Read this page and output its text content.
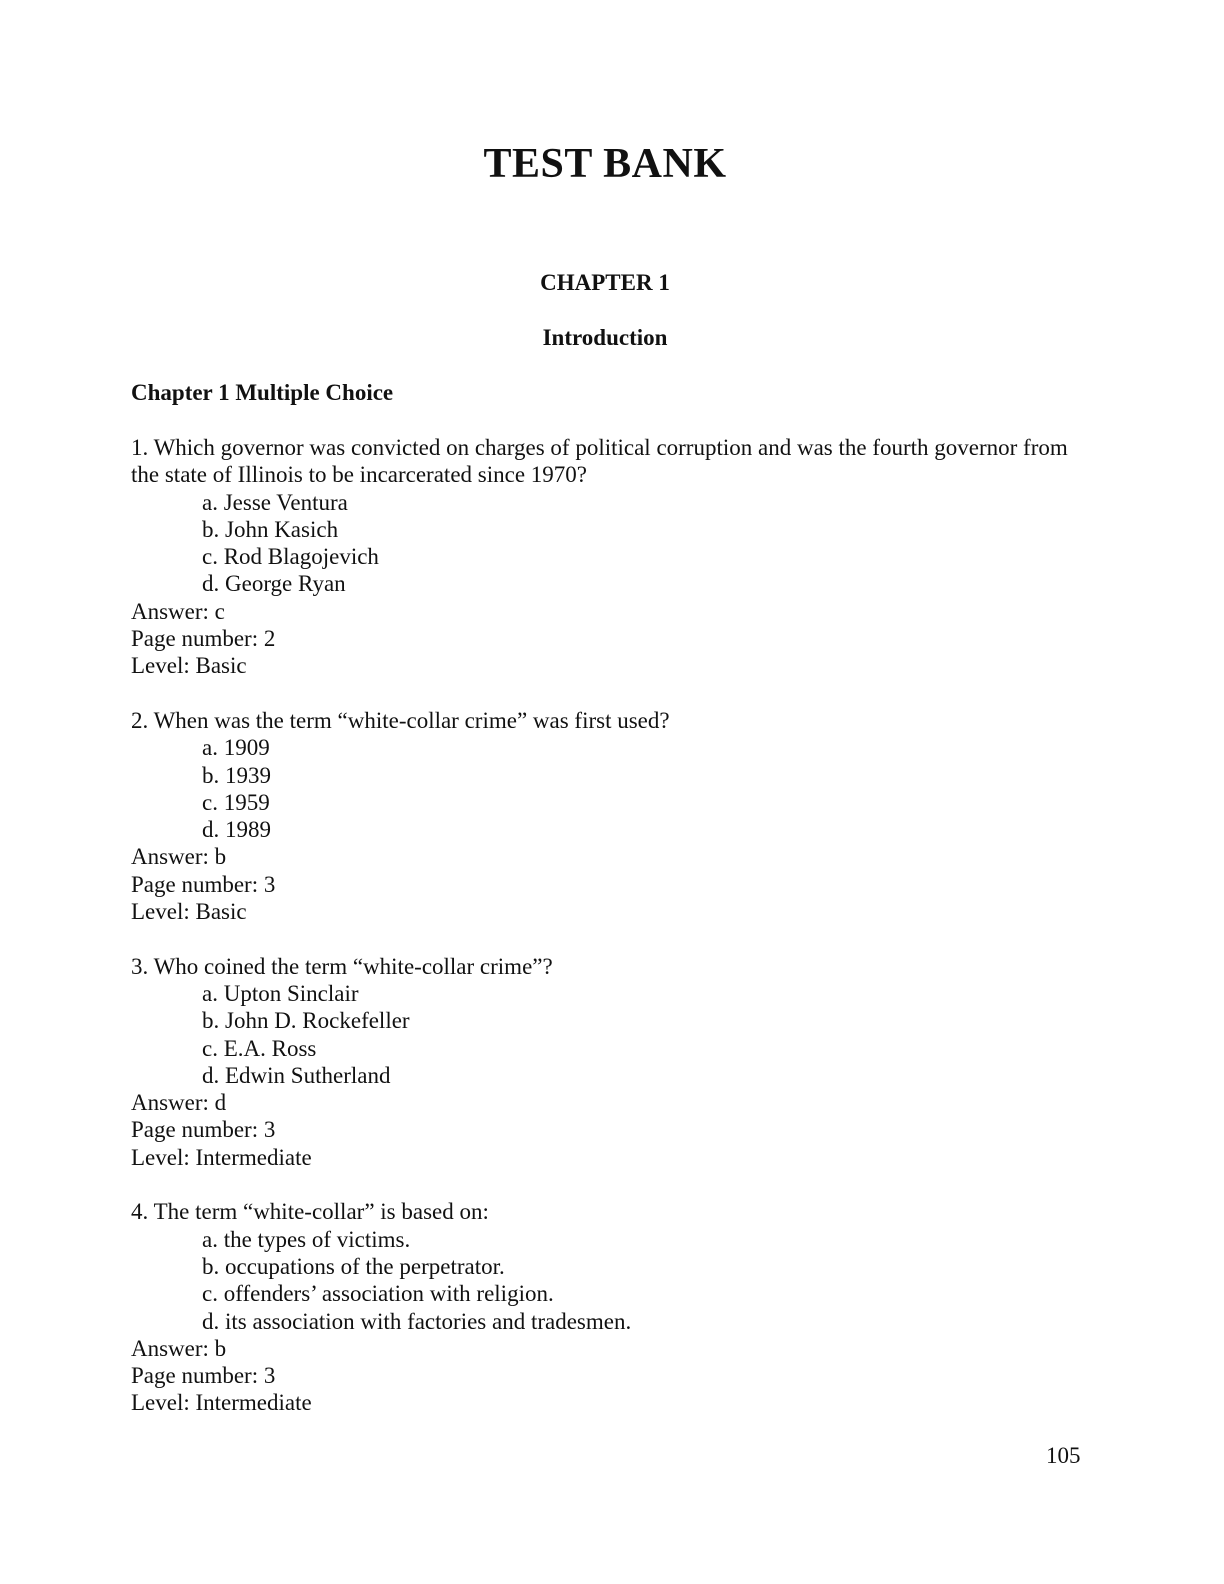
TEST BANK
CHAPTER 1
Introduction
Chapter 1 Multiple Choice
1. Which governor was convicted on charges of political corruption and was the fourth governor from the state of Illinois to be incarcerated since 1970?
a. Jesse Ventura
b. John Kasich
c. Rod Blagojevich
d. George Ryan
Answer: c
Page number: 2
Level: Basic
2. When was the term “white-collar crime” was first used?
a. 1909
b. 1939
c. 1959
d. 1989
Answer: b
Page number: 3
Level: Basic
3. Who coined the term “white-collar crime”?
a. Upton Sinclair
b. John D. Rockefeller
c. E.A. Ross
d. Edwin Sutherland
Answer: d
Page number: 3
Level: Intermediate
4. The term “white-collar” is based on:
a. the types of victims.
b. occupations of the perpetrator.
c. offenders’ association with religion.
d. its association with factories and tradesmen.
Answer: b
Page number: 3
Level: Intermediate
105
